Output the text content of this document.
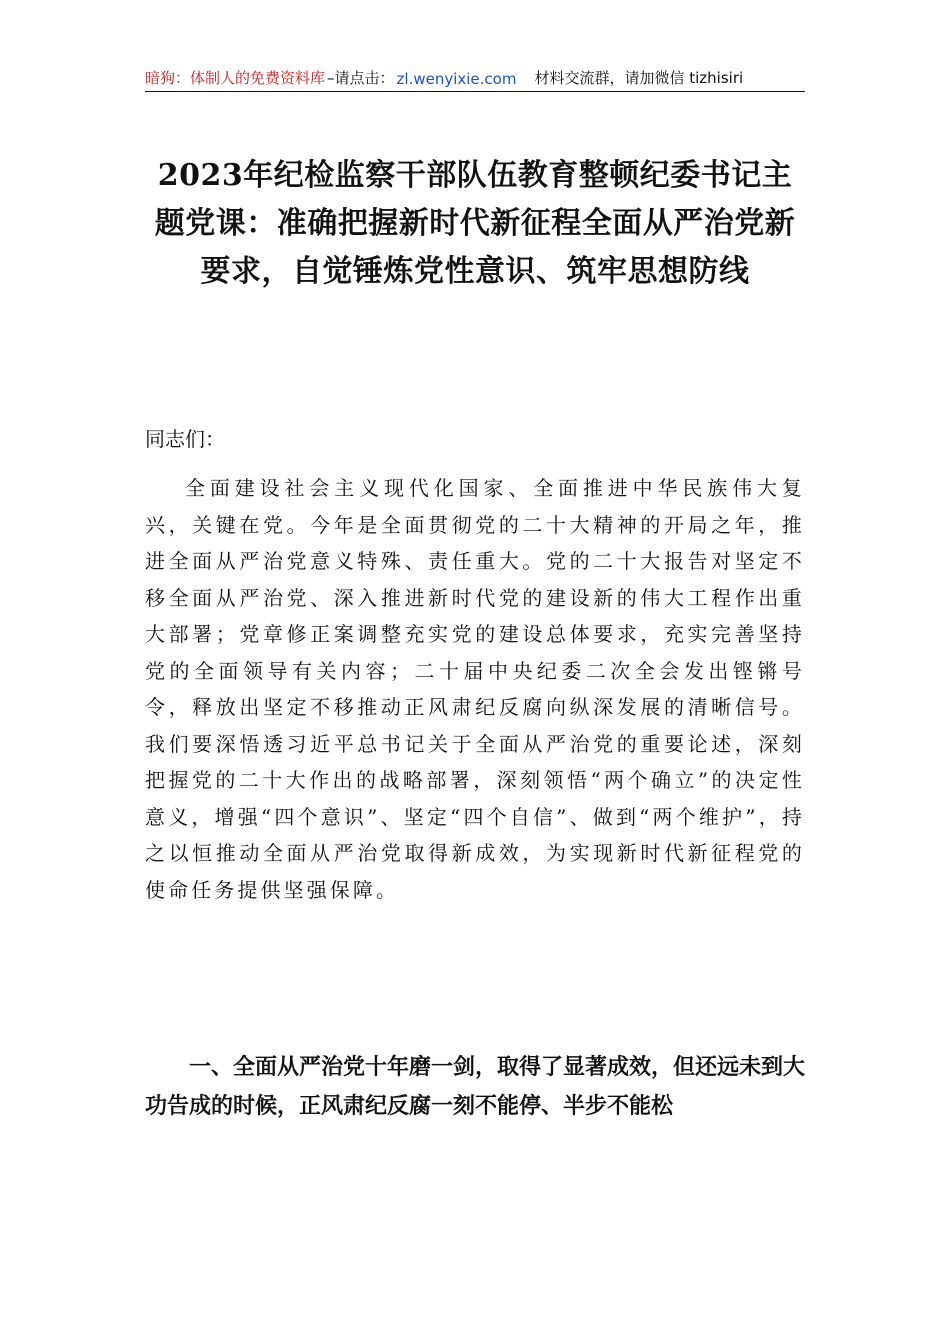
暗狗：体制人的免费资料库 –请点击： zl.wenyixie.com 材料交流群，请加微信 tizhisiri
2023年纪检监察干部队伍教育整顿纪委书记主题党课：准确把握新时代新征程全面从严治党新要求，自觉锤炼党性意识、筑牢思想防线

同志们：

全面建设社会主义现代化国家、全面推进中华民族伟大复兴，关键在党。今年是全面贯彻党的二十大精神的开局之年，推进全面从严治党意义特殊、责任重大。党的二十大报告对坚定不移全面从严治党、深入推进新时代党的建设新的伟大工程作出重大部署；党章修正案调整充实党的建设总体要求，充实完善坚持党的全面领导有关内容；二十届中央纪委二次全会发出铿锵号令，释放出坚定不移推动正风肃纪反腐向纵深发展的清晰信号。我们要深悟透习近平总书记关于全面从严治党的重要论述，深刻把握党的二十大作出的战略部署，深刻领悟“两个确立”的决定性意义，增强“四个意识”、坚定“四个自信”、做到“两个维护”，持之以恒推动全面从严治党取得新成效，为实现新时代新征程党的使命任务提供坚强保障。

一、全面从严治党十年磨一剑，取得了显著成效，但还远未到大功告成的时候，正风肃纪反腐一刻不能停、半步不能松
